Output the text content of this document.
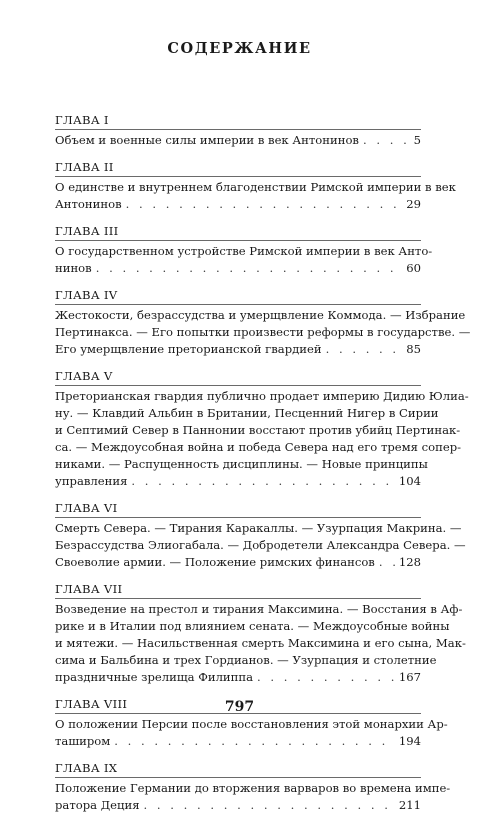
СОДЕРЖАНИЕ
ГЛАВА I
Объем и военные силы империи в век Антонинов . . .	5
ГЛАВА II
О единстве и внутреннем благоденствии Римской империи в век
Антонинов . . .	29
ГЛАВА III
О государственном устройстве Римской империи в век Анто-
нинов . . .	60
ГЛАВА IV
Жестокости, безрассудства и умерщвление Коммода. — Избрание
Пертинакса. — Его попытки произвести реформы в государстве. —
Его умерщвление преторианской гвардией . . .	85
ГЛАВА V
Преторианская гвардия публично продает империю Дидию Юлиа-
ну. — Клавдий Альбин в Британии, Песценний Нигер в Сирии
и Септимий Север в Паннонии восстают против убийц Пертинак-
са. — Междоусобная война и победа Севера над его тремя сопер-
никами. — Распущенность дисциплины. — Новые принципы
управления . . .	104
ГЛАВА VI
Смерть Севера. — Тирания Каракаллы. — Узурпация Макрина. —
Безрассудства Элиогабала. — Добродетели Александра Севера. —
Своеволие армии. — Положение римских финансов . . . 128
ГЛАВА VII
Возведение на престол и тирания Максимина. — Восстания в Аф-
рике и в Италии под влиянием сената. — Междоусобные войны
и мятежи. — Насильственная смерть Максимина и его сына, Мак-
сима и Бальбина и трех Гордианов. — Узурпация и столетние
праздничные зрелища Филиппа . . .	167
ГЛАВА VIII
О положении Персии после восстановления этой монархии Ар-
таширом . . .	194
ГЛАВА IX
Положение Германии до вторжения варваров во времена импе-
ратора Деция . . .	211
797
